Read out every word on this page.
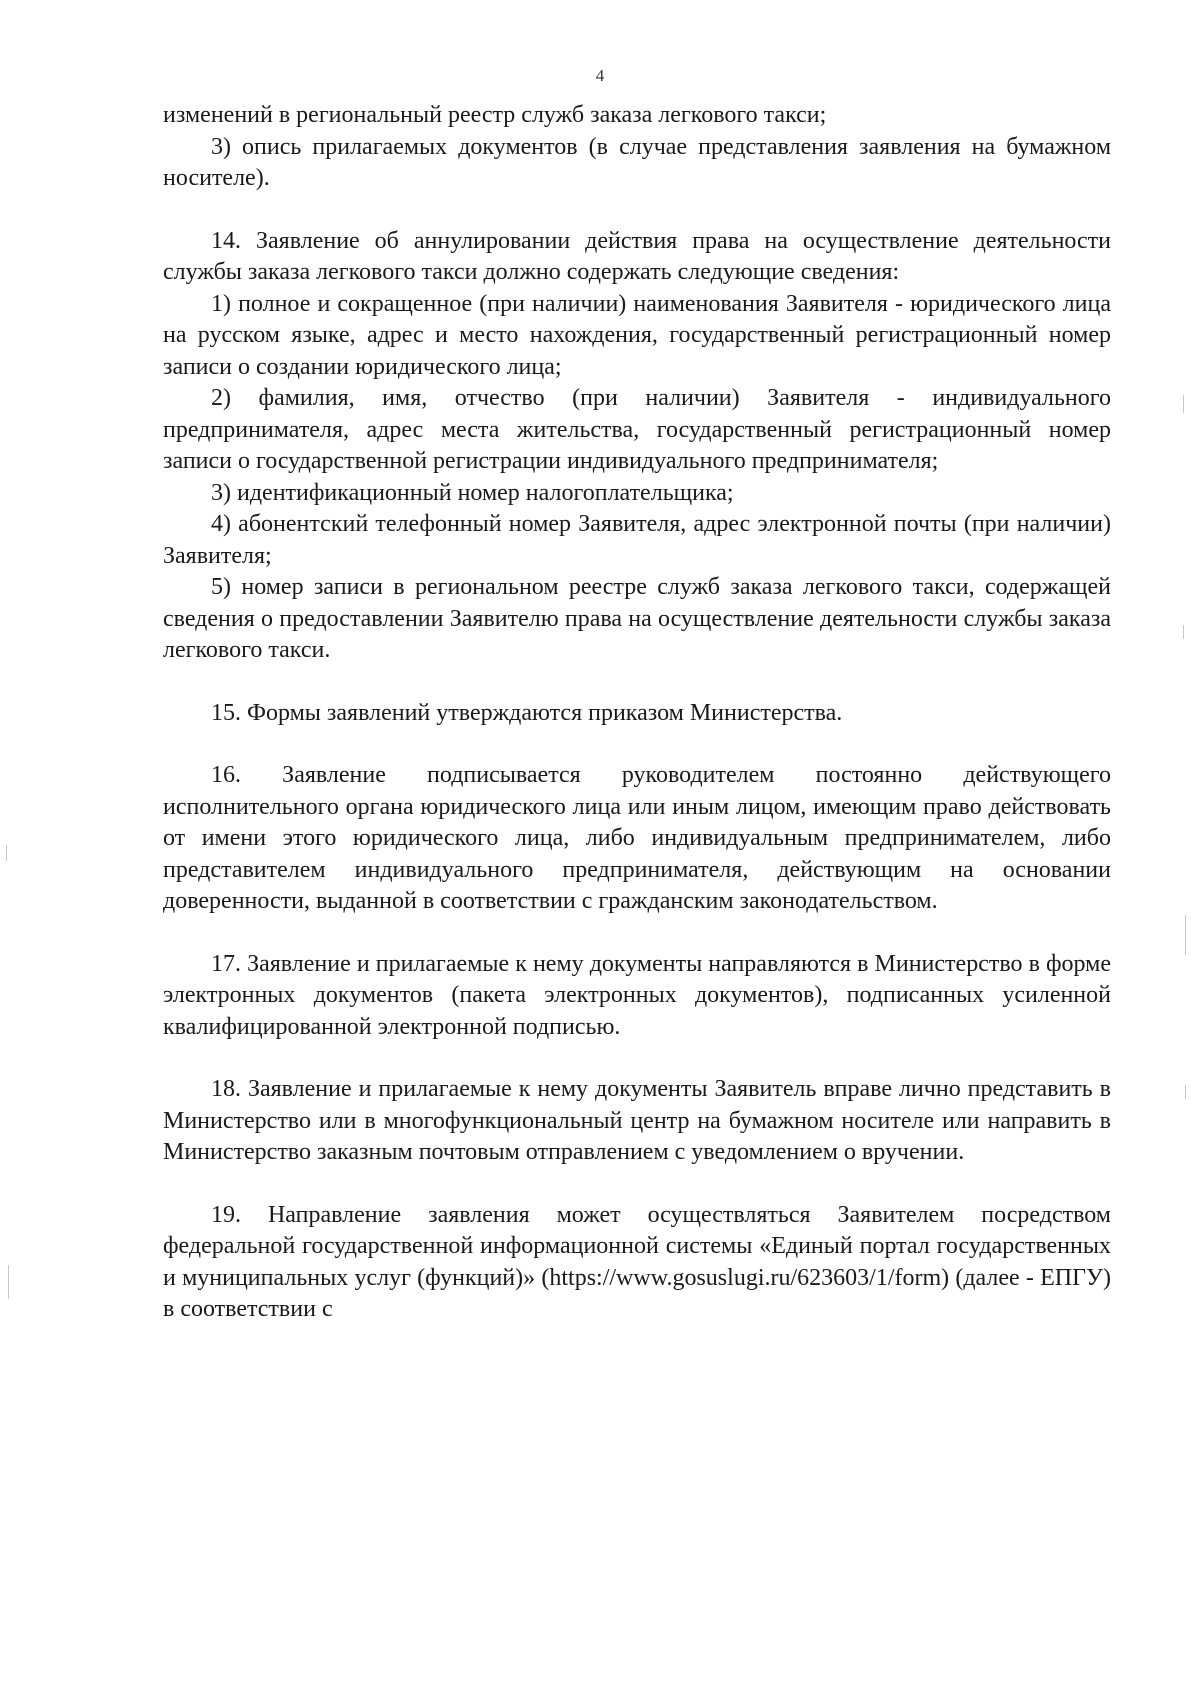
4

изменений в региональный реестр служб заказа легкового такси;

3) опись прилагаемых документов (в случае представления заявления на бумажном носителе).

14. Заявление об аннулировании действия права на осуществление деятельности службы заказа легкового такси должно содержать следующие сведения:

1) полное и сокращенное (при наличии) наименования Заявителя - юридического лица на русском языке, адрес и место нахождения, государственный регистрационный номер записи о создании юридического лица;

2) фамилия, имя, отчество (при наличии) Заявителя - индивидуального предпринимателя, адрес места жительства, государственный регистрационный номер записи о государственной регистрации индивидуального предпринимателя;

3) идентификационный номер налогоплательщика;

4) абонентский телефонный номер Заявителя, адрес электронной почты (при наличии) Заявителя;

5) номер записи в региональном реестре служб заказа легкового такси, содержащей сведения о предоставлении Заявителю права на осуществление деятельности службы заказа легкового такси.

15. Формы заявлений утверждаются приказом Министерства.

16. Заявление подписывается руководителем постоянно действующего исполнительного органа юридического лица или иным лицом, имеющим право действовать от имени этого юридического лица, либо индивидуальным предпринимателем, либо представителем индивидуального предпринимателя, действующим на основании доверенности, выданной в соответствии с гражданским законодательством.

17. Заявление и прилагаемые к нему документы направляются в Министерство в форме электронных документов (пакета электронных документов), подписанных усиленной квалифицированной электронной подписью.

18. Заявление и прилагаемые к нему документы Заявитель вправе лично представить в Министерство или в многофункциональный центр на бумажном носителе или направить в Министерство заказным почтовым отправлением с уведомлением о вручении.

19. Направление заявления может осуществляться Заявителем посредством федеральной государственной информационной системы «Единый портал государственных и муниципальных услуг (функций)» (https://www.gosuslugi.ru/623603/1/form) (далее - ЕПГУ) в соответствии с
